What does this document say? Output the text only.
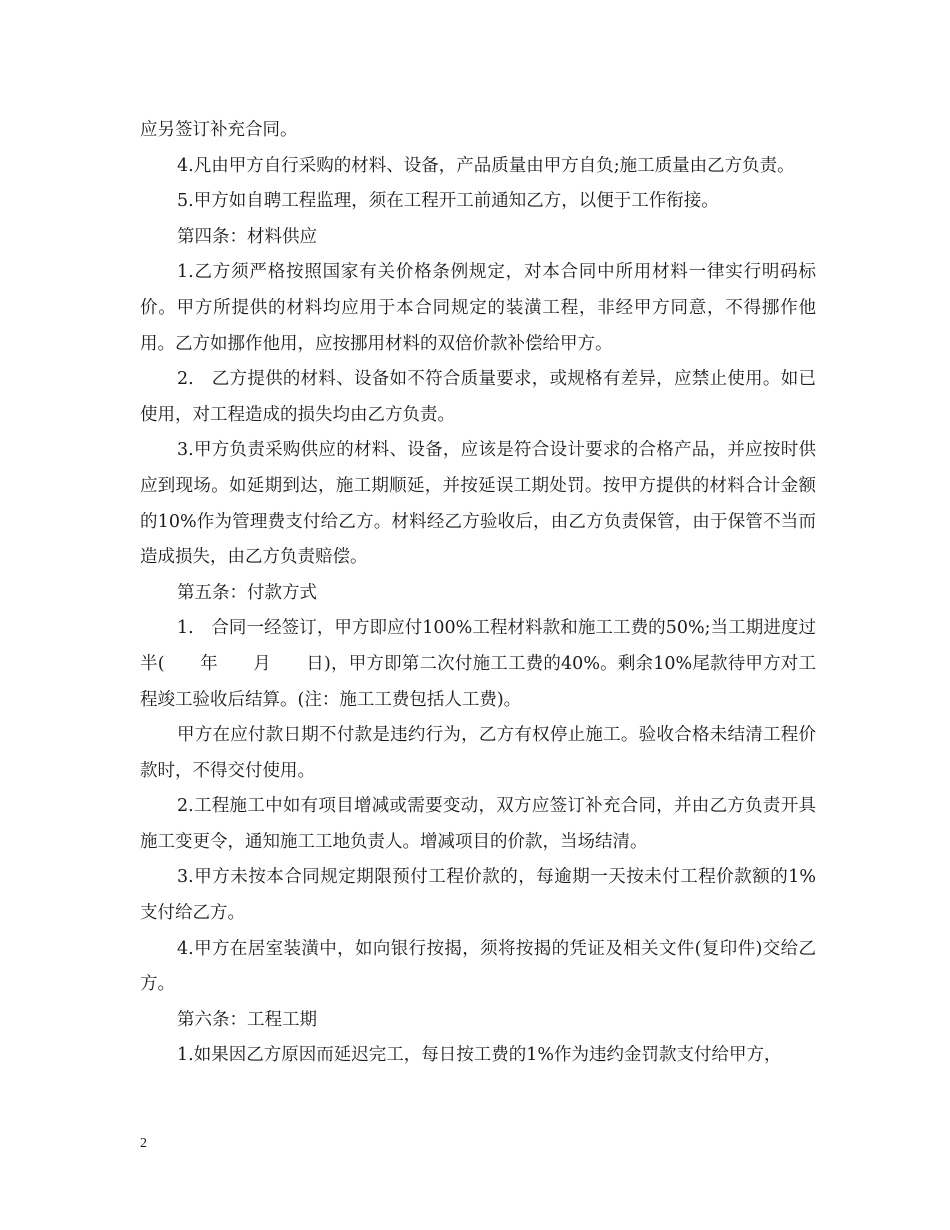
应另签订补充合同。

4.凡由甲方自行采购的材料、设备，产品质量由甲方自负;施工质量由乙方负责。

5.甲方如自聘工程监理，须在工程开工前通知乙方，以便于工作衔接。

第四条：材料供应

1.乙方须严格按照国家有关价格条例规定，对本合同中所用材料一律实行明码标价。甲方所提供的材料均应用于本合同规定的装潢工程，非经甲方同意，不得挪作他用。乙方如挪作他用，应按挪用材料的双倍价款补偿给甲方。

2.　乙方提供的材料、设备如不符合质量要求，或规格有差异，应禁止使用。如已使用，对工程造成的损失均由乙方负责。

3.甲方负责采购供应的材料、设备，应该是符合设计要求的合格产品，并应按时供应到现场。如延期到达，施工期顺延，并按延误工期处罚。按甲方提供的材料合计金额的10%作为管理费支付给乙方。材料经乙方验收后，由乙方负责保管，由于保管不当而造成损失，由乙方负责赔偿。

第五条：付款方式

1.　合同一经签订，甲方即应付100%工程材料款和施工工费的50%;当工期进度过半(　　年　　月　　日)，甲方即第二次付施工工费的40%。剩余10%尾款待甲方对工程竣工验收后结算。(注：施工工费包括人工费)。

甲方在应付款日期不付款是违约行为，乙方有权停止施工。验收合格未结清工程价款时，不得交付使用。

2.工程施工中如有项目增减或需要变动，双方应签订补充合同，并由乙方负责开具施工变更令，通知施工工地负责人。增减项目的价款，当场结清。

3.甲方未按本合同规定期限预付工程价款的，每逾期一天按未付工程价款额的1%支付给乙方。

4.甲方在居室装潢中，如向银行按揭，须将按揭的凭证及相关文件(复印件)交给乙方。

第六条：工程工期

1.如果因乙方原因而延迟完工，每日按工费的1%作为违约金罚款支付给甲方，

2
